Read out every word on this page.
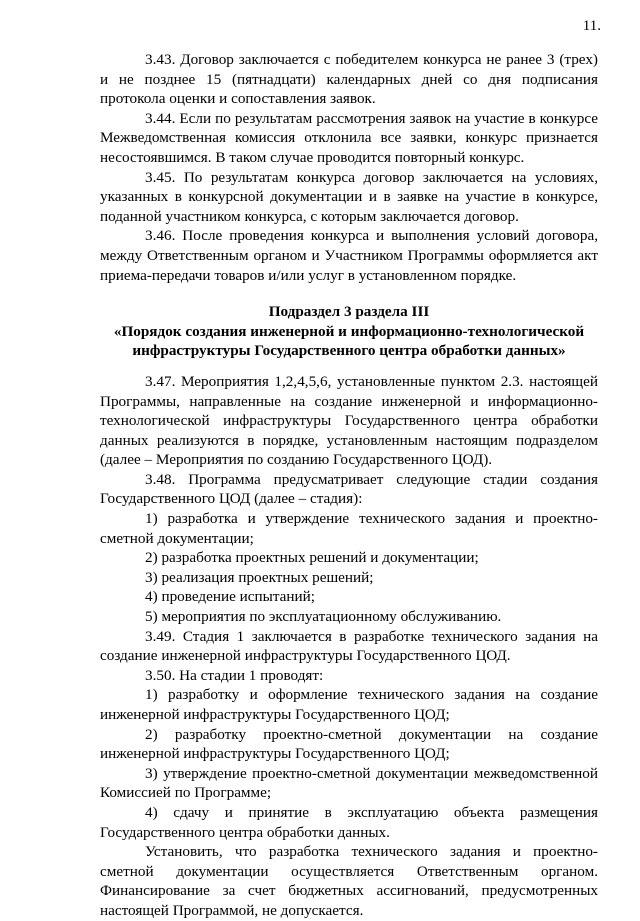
11.

3.43. Договор заключается с победителем конкурса не ранее 3 (трех) и не позднее 15 (пятнадцати) календарных дней со дня подписания протокола оценки и сопоставления заявок.

3.44. Если по результатам рассмотрения заявок на участие в конкурсе Межведомственная комиссия отклонила все заявки, конкурс признается несостоявшимся. В таком случае проводится повторный конкурс.

3.45. По результатам конкурса договор заключается на условиях, указанных в конкурсной документации и в заявке на участие в конкурсе, поданной участником конкурса, с которым заключается договор.

3.46. После проведения конкурса и выполнения условий договора, между Ответственным органом и Участником Программы оформляется акт приема-передачи товаров и/или услуг в установленном порядке.

Подраздел 3 раздела III
«Порядок создания инженерной и информационно-технологической инфраструктуры Государственного центра обработки данных»

3.47. Мероприятия 1,2,4,5,6, установленные пунктом 2.3. настоящей Программы, направленные на создание инженерной и информационно-технологической инфраструктуры Государственного центра обработки данных реализуются в порядке, установленным настоящим подразделом (далее – Мероприятия по созданию Государственного ЦОД).

3.48. Программа предусматривает следующие стадии создания Государственного ЦОД (далее – стадия):

1) разработка и утверждение технического задания и проектно-сметной документации;

2) разработка проектных решений и документации;

3) реализация проектных решений;

4) проведение испытаний;

5) мероприятия по эксплуатационному обслуживанию.

3.49. Стадия 1 заключается в разработке технического задания на создание инженерной инфраструктуры Государственного ЦОД.

3.50. На стадии 1 проводят:

1) разработку и оформление технического задания на создание инженерной инфраструктуры Государственного ЦОД;

2) разработку проектно-сметной документации на создание инженерной инфраструктуры Государственного ЦОД;

3) утверждение проектно-сметной документации межведомственной Комиссией по Программе;

4) сдачу и принятие в эксплуатацию объекта размещения Государственного центра обработки данных.

Установить, что разработка технического задания и проектно-сметной документации осуществляется Ответственным органом. Финансирование за счет бюджетных ассигнований, предусмотренных настоящей Программой, не допускается.
